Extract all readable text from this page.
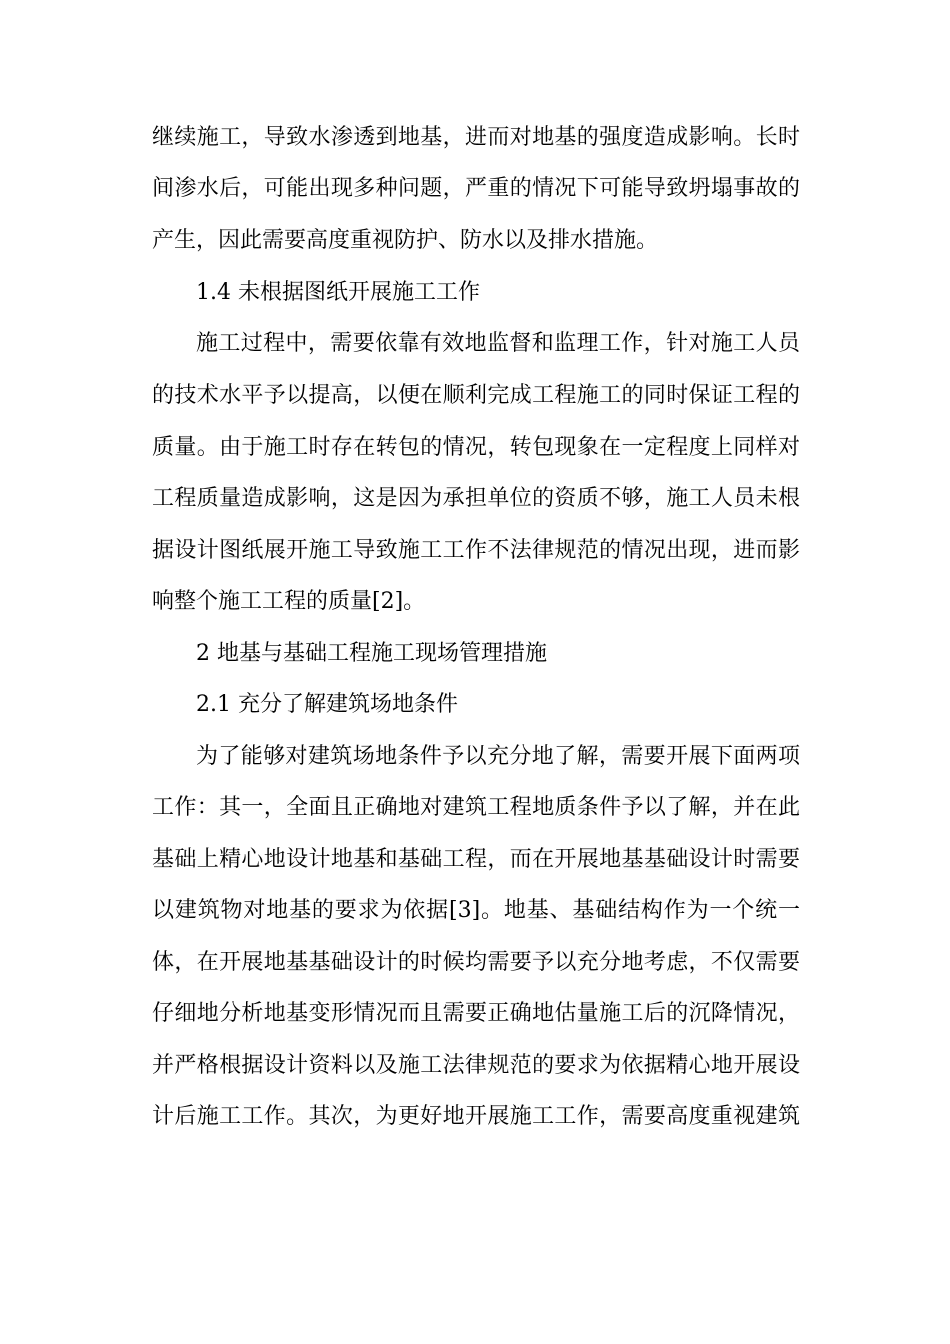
继续施工，导致水渗透到地基，进而对地基的强度造成影响。长时
间渗水后，可能出现多种问题，严重的情况下可能导致坍塌事故的
产生，因此需要高度重视防护、防水以及排水措施。
1.4 未根据图纸开展施工工作
施工过程中，需要依靠有效地监督和监理工作，针对施工人员
的技术水平予以提高，以便在顺利完成工程施工的同时保证工程的
质量。由于施工时存在转包的情况，转包现象在一定程度上同样对
工程质量造成影响，这是因为承担单位的资质不够，施工人员未根
据设计图纸展开施工导致施工工作不法律规范的情况出现，进而影
响整个施工工程的质量[2]。
2 地基与基础工程施工现场管理措施
2.1 充分了解建筑场地条件
为了能够对建筑场地条件予以充分地了解，需要开展下面两项
工作：其一，全面且正确地对建筑工程地质条件予以了解，并在此
基础上精心地设计地基和基础工程，而在开展地基基础设计时需要
以建筑物对地基的要求为依据[3]。地基、基础结构作为一个统一
体，在开展地基基础设计的时候均需要予以充分地考虑，不仅需要
仔细地分析地基变形情况而且需要正确地估量施工后的沉降情况，
并严格根据设计资料以及施工法律规范的要求为依据精心地开展设
计后施工工作。其次，为更好地开展施工工作，需要高度重视建筑
